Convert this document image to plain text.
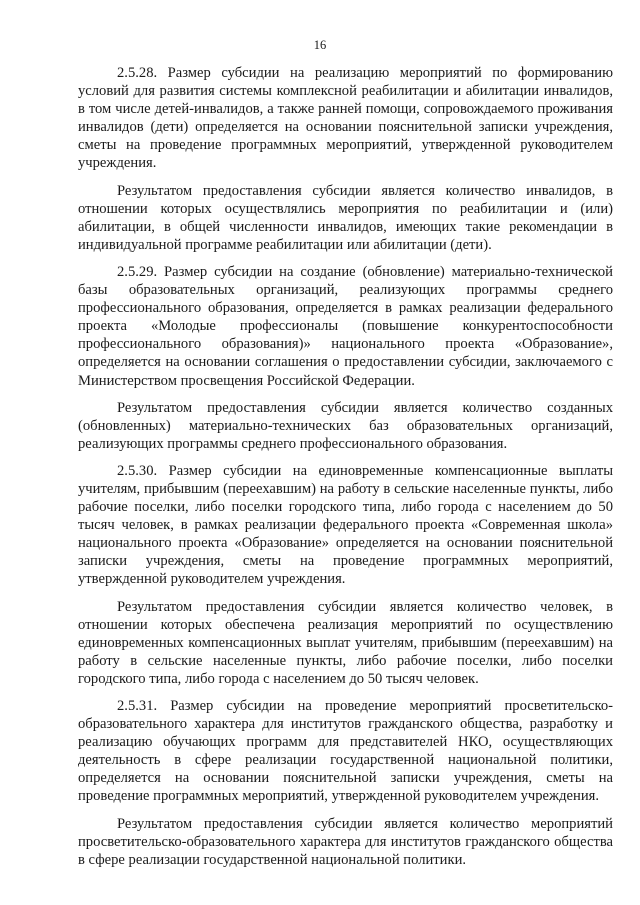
16

2.5.28. Размер субсидии на реализацию мероприятий по формированию условий для развития системы комплексной реабилитации и абилитации инвалидов, в том числе детей-инвалидов, а также ранней помощи, сопровождаемого проживания инвалидов (дети) определяется на основании пояснительной записки учреждения, сметы на проведение программных мероприятий, утвержденной руководителем учреждения.

Результатом предоставления субсидии является количество инвалидов, в отношении которых осуществлялись мероприятия по реабилитации и (или) абилитации, в общей численности инвалидов, имеющих такие рекомендации в индивидуальной программе реабилитации или абилитации (дети).

2.5.29. Размер субсидии на создание (обновление) материально-технической базы образовательных организаций, реализующих программы среднего профессионального образования, определяется в рамках реализации федерального проекта «Молодые профессионалы (повышение конкурентоспособности профессионального образования)» национального проекта «Образование», определяется на основании соглашения о предоставлении субсидии, заключаемого с Министерством просвещения Российской Федерации.

Результатом предоставления субсидии является количество созданных (обновленных) материально-технических баз образовательных организаций, реализующих программы среднего профессионального образования.

2.5.30. Размер субсидии на единовременные компенсационные выплаты учителям, прибывшим (переехавшим) на работу в сельские населенные пункты, либо рабочие поселки, либо поселки городского типа, либо города с населением до 50 тысяч человек, в рамках реализации федерального проекта «Современная школа» национального проекта «Образование» определяется на основании пояснительной записки учреждения, сметы на проведение программных мероприятий, утвержденной руководителем учреждения.

Результатом предоставления субсидии является количество человек, в отношении которых обеспечена реализация мероприятий по осуществлению единовременных компенсационных выплат учителям, прибывшим (переехавшим) на работу в сельские населенные пункты, либо рабочие поселки, либо поселки городского типа, либо города с населением до 50 тысяч человек.

2.5.31. Размер субсидии на проведение мероприятий просветительско-образовательного характера для институтов гражданского общества, разработку и реализацию обучающих программ для представителей НКО, осуществляющих деятельность в сфере реализации государственной национальной политики, определяется на основании пояснительной записки учреждения, сметы на проведение программных мероприятий, утвержденной руководителем учреждения.

Результатом предоставления субсидии является количество мероприятий просветительско-образовательного характера для институтов гражданского общества в сфере реализации государственной национальной политики.
